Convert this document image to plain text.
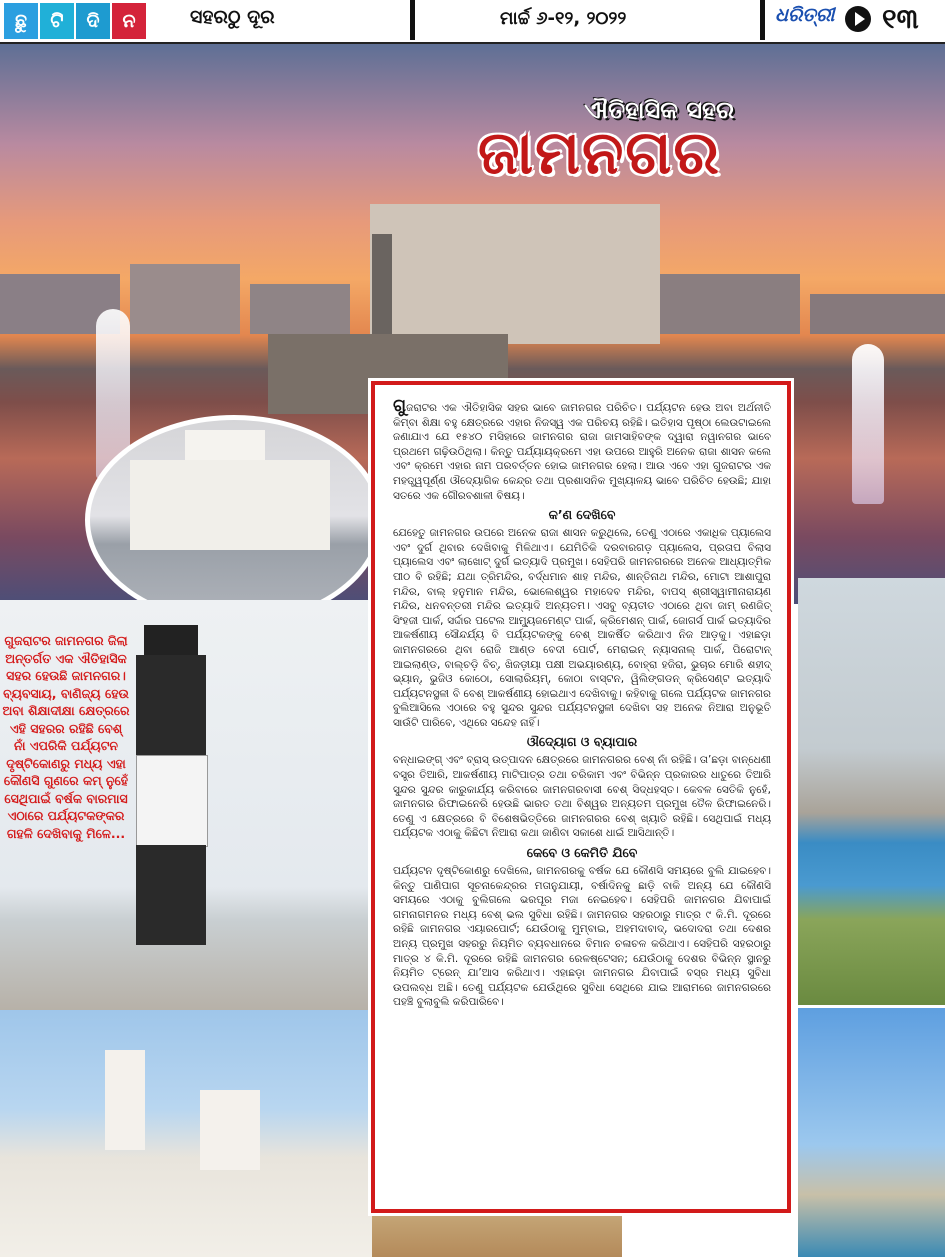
ଛୁ	ଟି	ଦି	ନ	ସହରଠୁ ଦୂର	ମାର୍ଚ୍ଚ ୬-୧୨, ୨୦୨୨	ଧରିତ୍ରୀ ୧୩
ଐତିହାସିକ ସହର
ଜାମନଗର
ଗୁଜରାଟର ଜାମନଗର ଜିଲା ଅନ୍ତର୍ଗତ ଏକ ଐତିହାସିକ ସହର ହେଉଛି ଜାମନଗର। ବ୍ୟବସାୟ, ବାଣିଜ୍ୟ ହେଉ ଅବା ଶିକ୍ଷାଦୀକ୍ଷା କ୍ଷେତ୍ରରେ ଏହି ସହରର ରହିଛି ବେଶ୍ ନାଁ ଏପରିକି ପର୍ଯ୍ୟଟନ ଦୃଷ୍ଟିକୋଣରୁ ମଧ୍ୟ ଏହା କୌଣସି ଗୁଣରେ କମ୍ ନୁହେଁ ସେଥିପାଇଁ ବର୍ଷକ ବାରମାସ ଏଠାରେ ପର୍ଯ୍ୟଟକଙ୍କର ଗହଳି ଦେଖିବାକୁ ମିଳେ...

ଗୁଜରାଟର ଏକ ଐତିହାସିକ ସହର ଭାବେ ଜାମନଗର ପରିଚିତ। ପର୍ଯ୍ୟଟନ ହେଉ ଅବା ଅର୍ଥନୀତି କିମ୍ବା ଶିକ୍ଷା ବହୁ କ୍ଷେତ୍ରରେ ଏହାର ନିଜସ୍ୱ ଏକ ପରିଚୟ ରହିଛି। ଇତିହାସ ପୃଷ୍ଠା ଲେଉଟାଇଲେ ଜଣାଯାଏ ଯେ ୧୫୪୦ ମସିହାରେ ଜାମନଗର ରାଜା ଜାମସାହିବଙ୍କ ଦ୍ୱାରା ନୱାନଗର ଭାବେ ପ୍ରଥମେ ଗଢ଼ିଉଠିଥିଲା। କିନ୍ତୁ ପର୍ଯ୍ୟାୟକ୍ରମେ ଏହା ଉପରେ ଆହୁରି ଅନେକ ରାଜା ଶାସନ କଲେ ଏବଂ କ୍ରମେ ଏହାର ନାମ ପରବର୍ତ୍ତନ ହୋଇ ଜାମନଗର ହେଲା। ଆଉ ଏବେ ଏହା ଗୁଜରାଟର ଏକ ମହତ୍ତ୍ୱପୂର୍ଣ୍ଣ ଔଦ୍ୟୋଗିକ କେନ୍ଦ୍ର ତଥା ପ୍ରଶାସନିକ ମୁଖ୍ୟାଳୟ ଭାବେ ପରିଚିତ ହେଉଛି; ଯାହା ସତରେ ଏକ ଗୌରବଶାଳୀ ବିଷୟ।

କ’ଣ ଦେଖିବେ

ଯେହେତୁ ଜାମନଗର ଉପରେ ଅନେକ ରାଜା ଶାସନ କରୁଥିଲେ, ତେଣୁ ଏଠାରେ ଏକାଧିକ ପ୍ୟାଲେସ ଏବଂ ଦୁର୍ଗ ଥିବାର ଦେଖିବାକୁ ମିଳିଥାଏ। ଯେମିତିକି ଦରବାରଗଡ଼ ପ୍ୟାଲେସ, ପ୍ରତାପ ବିଲାସ ପ୍ୟାଲେସ ଏବଂ ଲାଖୋଟ୍ ଦୁର୍ଗ ଇତ୍ୟାଦି ପ୍ରମୁଖ। ସେହିପରି ଜାମନଗରରେ ଅନେକ ଆଧ୍ୟାତ୍ମିକ ପୀଠ ବି ରହିଛି; ଯଥା ତ୍ରିମନ୍ଦିର, ବର୍ଦ୍ଧମାନ ଶାହ ମନ୍ଦିର, ଶାନ୍ତିନାଥ ମନ୍ଦିର, ମୋଟା ଆଶାପୁରା ମନ୍ଦିର, ବାଲ୍ ହନୁମାନ ମନ୍ଦିର, ଭୋଲେଶ୍ୱର ମହାଦେବ ମନ୍ଦିର, ବାପସ୍ ଶ୍ରୀସ୍ୱାମୀନାରାୟଣ ମନ୍ଦିର, ଧନବନ୍ତରୀ ମନ୍ଦିର ଇତ୍ୟାଦି ଅନ୍ୟତମ। ଏସବୁ ବ୍ୟତୀତ ଏଠାରେ ଥିବା ଜାମ୍ ରଣଜିତ୍ ସିଂହଜୀ ପାର୍କ, ସର୍ଦ୍ଦାର ପଟେଲ ଆମ୍ୟୁଜମେଣ୍ଟ ପାର୍କ, କ୍ରିମେଶନ୍ ପାର୍କ, ଜୋଗର୍ସ ପାର୍କ ଇତ୍ୟାଦିର ଆକର୍ଷଣୀୟ ସୌନ୍ଦର୍ଯ୍ୟ ବି ପର୍ଯ୍ୟଟକଙ୍କୁ ବେଶ୍ ଆକର୍ଷିତ କରିଥାଏ ନିଜ ଆଡ଼କୁ। ଏହାଛଡ଼ା ଜାମନଗରରେ ଥିବା ରୋଜି ଆଣ୍ଡ ବେଦୀ ପୋର୍ଟ, ମେରାଇନ୍ ନ୍ୟାସନାଲ୍ ପାର୍କ, ପିରୋଟାନ୍ ଆଇଲାଣ୍ଡ, ବାଲ୍ଚଡ଼ି ବିଚ୍, ଖିଜଡ଼ୀୟା ପକ୍ଷୀ ଅଭୟାରଣ୍ୟ, ବୋହ୍ରା ହଜିରା, ଭୁଚାର ମୋରି ଶହୀଦ୍ ଭ୍ୟାନ୍, ଭୁଜିଓ କୋଠୋ, ସୋଲାରିୟମ୍, କୋଠା ବାସ୍ଟନ, ୱିଲିଙ୍ଗଡନ୍ କ୍ରିସେଣ୍ଟ ଇତ୍ୟାଦି ପର୍ଯ୍ୟଟନସ୍ଥଳୀ ବି ବେଶ୍ ଆକର୍ଷଣୀୟ ହୋଇଥାଏ ଦେଖିବାକୁ। କହିବାକୁ ଗଲେ ପର୍ଯ୍ୟଟକ ଜାମନଗର ବୁଲିଆସିଲେ ଏଠାରେ ବହୁ ସୁନ୍ଦର ସୁନ୍ଦର ପର୍ଯ୍ୟଟନସ୍ଥଳୀ ଦେଖିବା ସହ ଅନେକ ନିଆରା ଅନୁଭୂତି ସାଉଁଟି ପାରିବେ, ଏଥିରେ ସନ୍ଦେହ ନାହିଁ।

ଔଦ୍ୟୋଗ ଓ ବ୍ୟାପାର

ବନ୍ଧାଇଙ୍ଗ୍ ଏବଂ ବ୍ରାସ୍ ଉତ୍ପାଦନ କ୍ଷେତ୍ରରେ ଜାମନଗରର ବେଶ୍ ନାଁ ରହିଛି। ତା’ଛଡ଼ା ବାନ୍ଧେଣୀ ବସ୍ତ୍ର ତିଆରି, ଆକର୍ଷଣୀୟ ମାଟିପାତ୍ର ତଥା ଚରିକାମ ଏବଂ ବିଭିନ୍ନ ପ୍ରକାରର ଧାତୁରେ ତିଆରି ସୁନ୍ଦର ସୁନ୍ଦର କାରୁକାର୍ଯ୍ୟ କରିବାରେ ଜାମନଗରବାସୀ ବେଶ୍ ସିଦ୍ଧହସ୍ତ। କେବଳ ସେତିକି ନୁହେଁ, ଜାମନଗର ରିଫାଇନେରି ହେଉଛି ଭାରତ ତଥା ବିଶ୍ୱର ଅନ୍ୟତମ ପ୍ରମୁଖ ତୈଳ ରିଫାଇନେରି। ତେଣୁ ଏ କ୍ଷେତ୍ରରେ ବି ବିଶେଷଭିତ୍ତିରେ ଜାମନଗରର ବେଶ୍ ଖ୍ୟାତି ରହିଛି। ସେଥିପାଇଁ ମଧ୍ୟ ପର୍ଯ୍ୟଟକ ଏଠାକୁ କିଛିଟା ନିଆରା କଥା ଜାଣିବା ସକାଶେ ଧାଇଁ ଆସିଥାନ୍ତି।

କେବେ ଓ କେମିତି ଯିବେ

ପର୍ଯ୍ୟଟନ ଦୃଷ୍ଟିକୋଣରୁ ଦେଖିଲେ, ଜାମନଗରକୁ ବର୍ଷକ ଯେ କୌଣସି ସମୟରେ ବୁଲି ଯାଇହେବ। କିନ୍ତୁ ପାଣିପାଗ ସୂଚନାକେନ୍ଦ୍ରର ମତାନୁଯାୟୀ, ବର୍ଷାଦିନକୁ ଛାଡ଼ି ବାକି ଅନ୍ୟ ଯେ କୌଣସି ସମୟରେ ଏଠାକୁ ବୁଲିଗଲେ ଭରପୂର ମଜା ନେଇହେବ। ସେହିପରି ଜାମନଗର ଯିବାପାଇଁ ଗମନାଗମନର ମଧ୍ୟ ବେଶ୍ ଭଲ ସୁବିଧା ରହିଛି। ଜାମନଗର ସହରଠାରୁ ମାତ୍ର ୯ କି.ମି. ଦୂରରେ ରହିଛି ଜାମନଗର ଏୟାରପୋର୍ଟ; ଯେଉଁଠାକୁ ମୁମ୍ବାଇ, ଅହମଦାବାଦ୍, ଭଦୋଦରା ତଥା ଦେଶର ଅନ୍ୟ ପ୍ରମୁଖ ସହରରୁ ନିୟମିତ ବ୍ୟବଧାନରେ ବିମାନ ଚଳାଚଳ କରିଥାଏ। ସେହିପରି ସହରଠାରୁ ମାତ୍ର ୪ କି.ମି. ଦୂରରେ ରହିଛି ଜାମନଗର ରେଳଷ୍ଟେସନ; ଯେଉଁଠାକୁ ଦେଶର ବିଭିନ୍ନ ସ୍ଥାନରୁ ନିୟମିତ ଟ୍ରେନ୍ ଯା’ଆସ କରିଥାଏ। ଏହାଛଡ଼ା ଜାମନଗର ଯିବାପାଇଁ ବସ୍‌ର ମଧ୍ୟ ସୁବିଧା ଉପଲବ୍ଧ ଅଛି। ତେଣୁ ପର୍ଯ୍ୟଟକ ଯେଉଁଥିରେ ସୁବିଧା ସେଥିରେ ଯାଇ ଆରାମରେ ଜାମନଗରରେ ପହଞ୍ଚି ବୁଲାବୁଲି କରିପାରିବେ।
